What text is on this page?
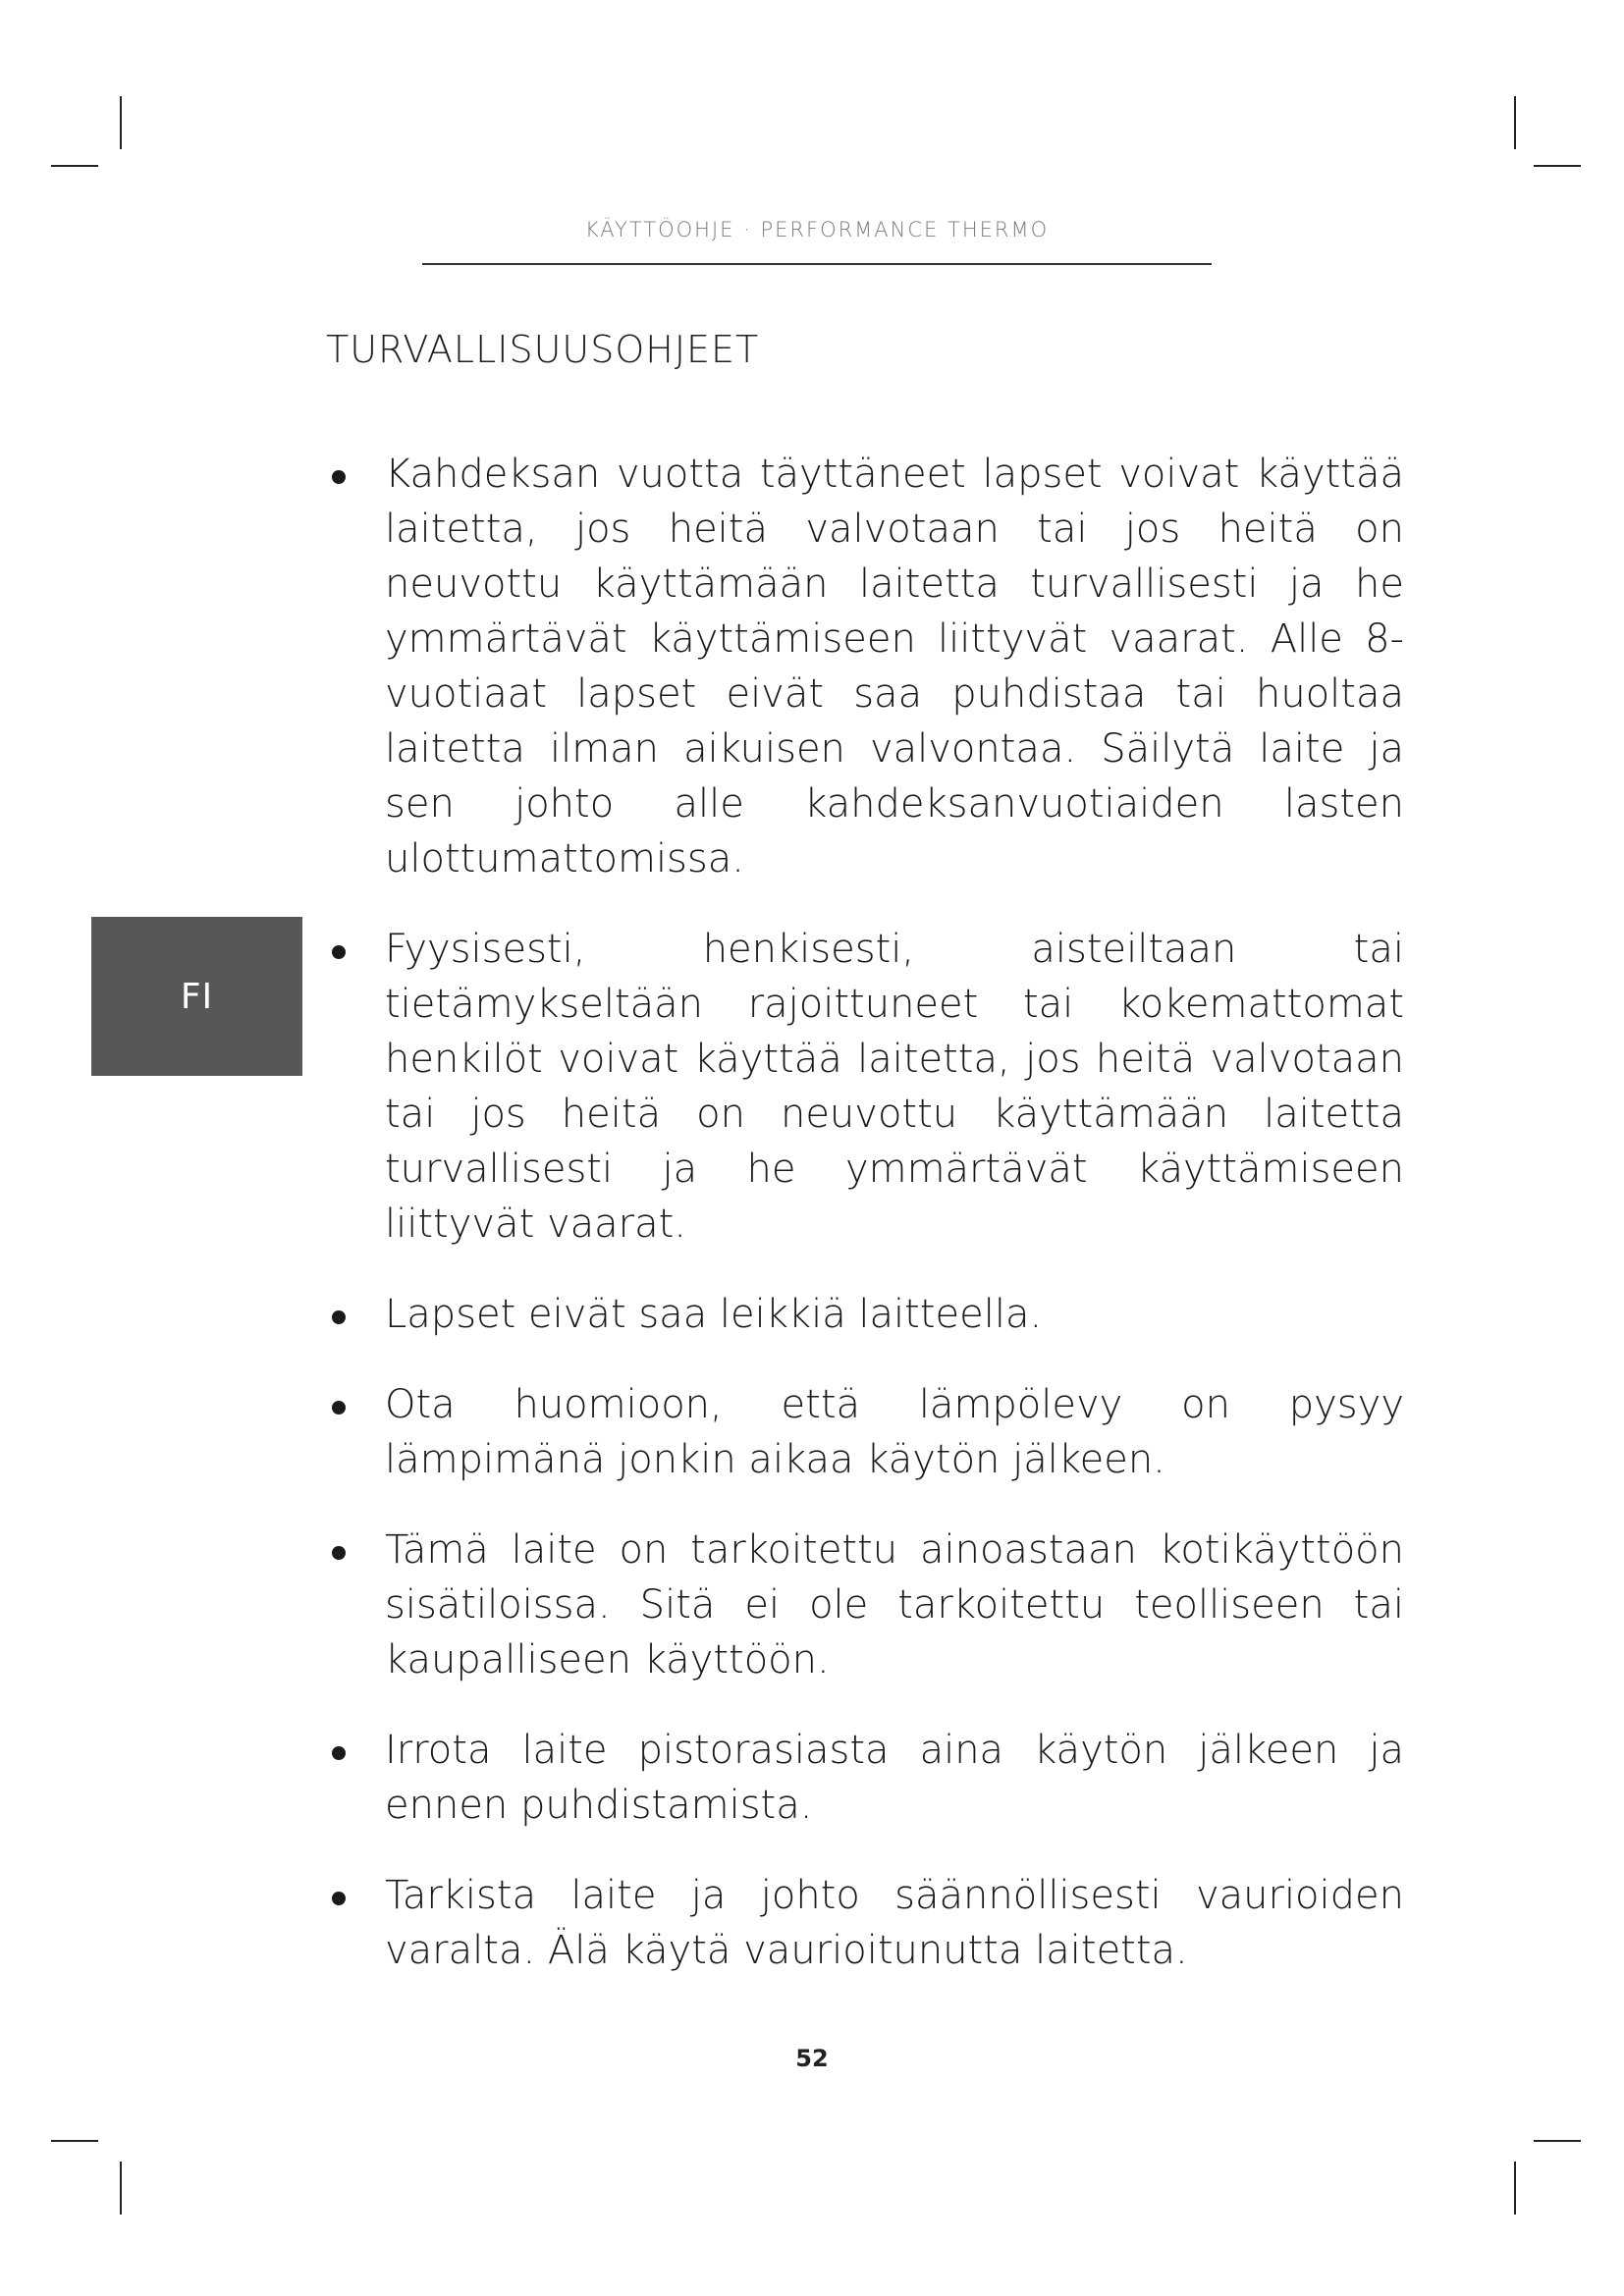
KÄYTTÖOHJE · PERFORMANCE THERMO
TURVALLISUUSOHJEET
FI
Kahdeksan vuotta täyttäneet lapset voivat käyttää laitetta, jos heitä valvotaan tai jos heitä on neuvottu käyttämään laitetta turvallisesti ja he ymmärtävät käyttämiseen liittyvät vaarat. Alle 8-vuotiaat lapset eivät saa puhdistaa tai huoltaa laitetta ilman aikuisen valvontaa. Säilytä laite ja sen johto alle kahdeksanvuotiaiden lasten ulottumattomissa.
Fyysisesti, henkisesti, aisteiltaan tai tietämykseltään rajoittuneet tai kokemattomat henkilöt voivat käyttää laitetta, jos heitä valvotaan tai jos heitä on neuvottu käyttämään laitetta turvallisesti ja he ymmärtävät käyttämiseen liittyvät vaarat.
Lapset eivät saa leikkiä laitteella.
Ota huomioon, että lämpölevy on pysyy lämpimänä jonkin aikaa käytön jälkeen.
Tämä laite on tarkoitettu ainoastaan kotikäyttöön sisätiloissa. Sitä ei ole tarkoitettu teolliseen tai kaupalliseen käyttöön.
Irrota laite pistorasiasta aina käytön jälkeen ja ennen puhdistamista.
Tarkista laite ja johto säännöllisesti vaurioiden varalta. Älä käytä vaurioitunutta laitetta.
52
